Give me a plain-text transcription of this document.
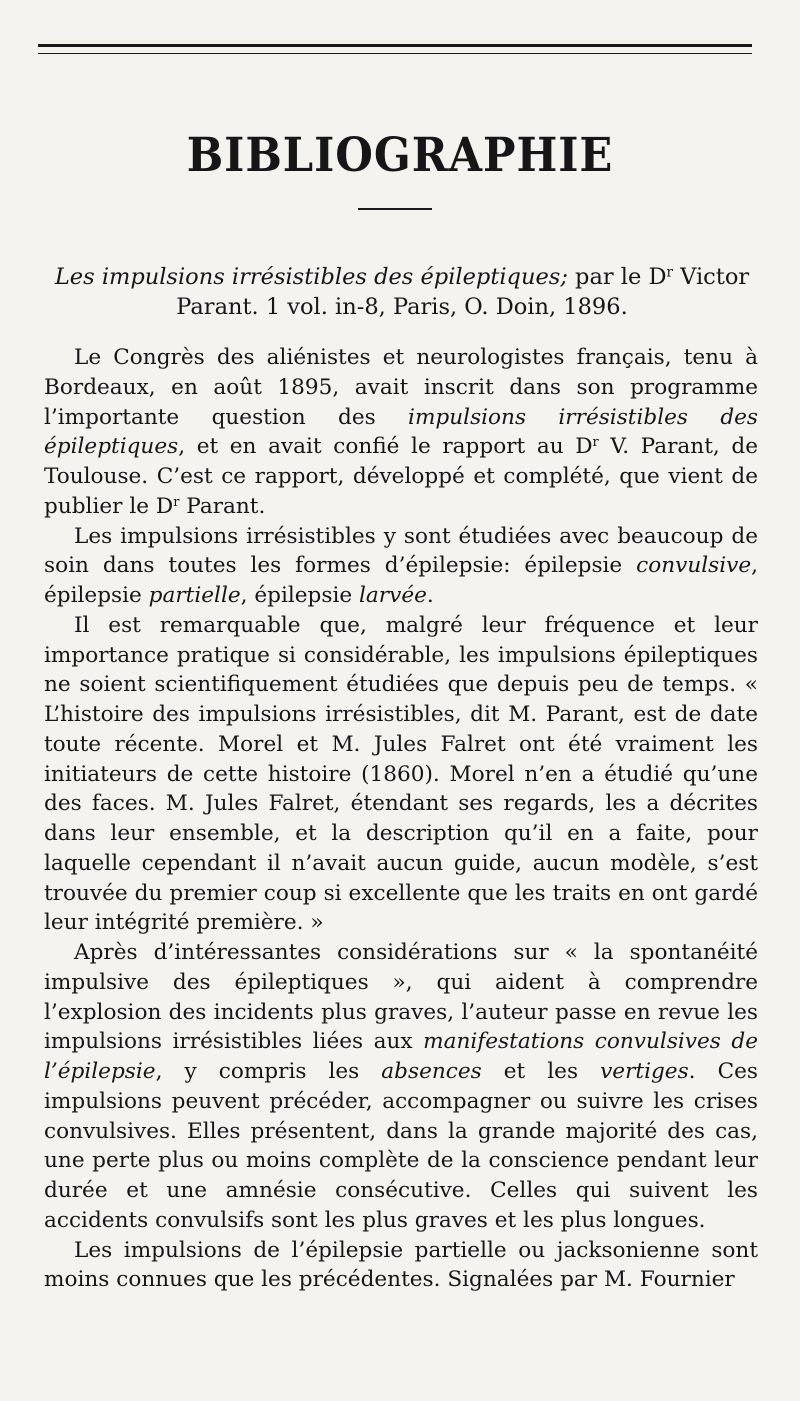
BIBLIOGRAPHIE
Les impulsions irrésistibles des épileptiques; par le $D^r$ Victor Parant. 1 vol. in-8, Paris, O. Doin, 1896.

Le Congrès des aliénistes et neurologistes français, tenu à Bordeaux, en août 1895, avait inscrit dans son programme l’importante question des impulsions irrésistibles des épileptiques, et en avait confié le rapport au $D^r$ V. Parant, de Toulouse. C’est ce rapport, développé et complété, que vient de publier le $D^r$ Parant.

Les impulsions irrésistibles y sont étudiées avec beaucoup de soin dans toutes les formes d’épilepsie: épilepsie convulsive, épilepsie partielle, épilepsie larvée.

Il est remarquable que, malgré leur fréquence et leur importance pratique si considérable, les impulsions épileptiques ne soient scientifiquement étudiées que depuis peu de temps. « L’histoire des impulsions irrésistibles, dit M. Parant, est de date toute récente. Morel et M. Jules Falret ont été vraiment les initiateurs de cette histoire (1860). Morel n’en a étudié qu’une des faces. M. Jules Falret, étendant ses regards, les a décrites dans leur ensemble, et la description qu’il en a faite, pour laquelle cependant il n’avait aucun guide, aucun modèle, s’est trouvée du premier coup si excellente que les traits en ont gardé leur intégrité première. »

Après d’intéressantes considérations sur « la spontanéité impulsive des épileptiques », qui aident à comprendre l’explosion des incidents plus graves, l’auteur passe en revue les impulsions irrésistibles liées aux manifestations convulsives de l’épilepsie, y compris les absences et les vertiges. Ces impulsions peuvent précéder, accompagner ou suivre les crises convulsives. Elles présentent, dans la grande majorité des cas, une perte plus ou moins complète de la conscience pendant leur durée et une amnésie consécutive. Celles qui suivent les accidents convulsifs sont les plus graves et les plus longues.

Les impulsions de l’épilepsie partielle ou jacksonienne sont moins connues que les précédentes. Signalées par M. Fournier
